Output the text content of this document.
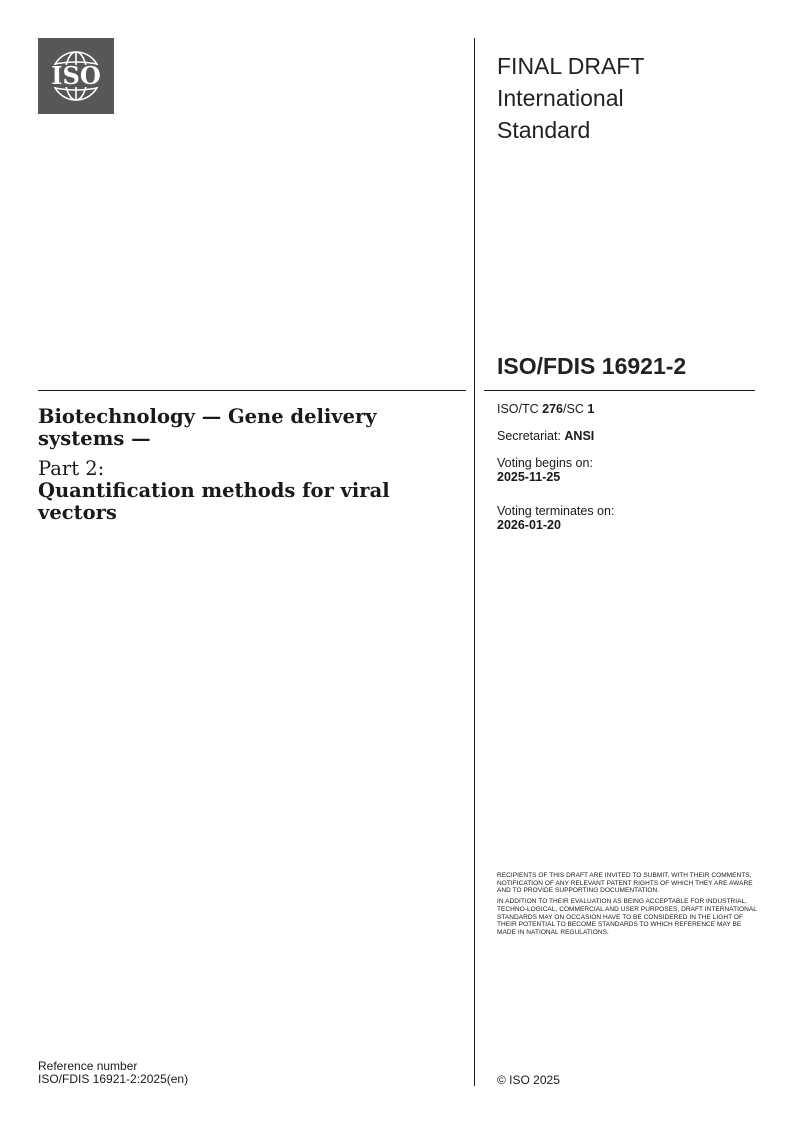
ISO	FINAL DRAFT
International
Standard
ISO/FDIS 16921-2
ISO/TC 276/SC 1
Secretariat: ANSI
Voting begins on:
2025-11-25
Voting terminates on:
2026-01-20

Biotechnology — Gene delivery systems —

Part 2:

Quantification methods for viral vectors

RECIPIENTS OF THIS DRAFT ARE INVITED TO SUBMIT, WITH THEIR COMMENTS, NOTIFICATION OF ANY RELEVANT PATENT RIGHTS OF WHICH THEY ARE AWARE AND TO PROVIDE SUPPORTING DOCUMENTATION.

IN ADDITION TO THEIR EVALUATION AS BEING ACCEPTABLE FOR INDUSTRIAL, TECHNO-LOGICAL, COMMERCIAL AND USER PURPOSES, DRAFT INTERNATIONAL STANDARDS MAY ON OCCASION HAVE TO BE CONSIDERED IN THE LIGHT OF THEIR POTENTIAL TO BECOME STANDARDS TO WHICH REFERENCE MAY BE MADE IN NATIONAL REGULATIONS.

Reference number
ISO/FDIS 16921-2:2025(en)	© ISO 2025
